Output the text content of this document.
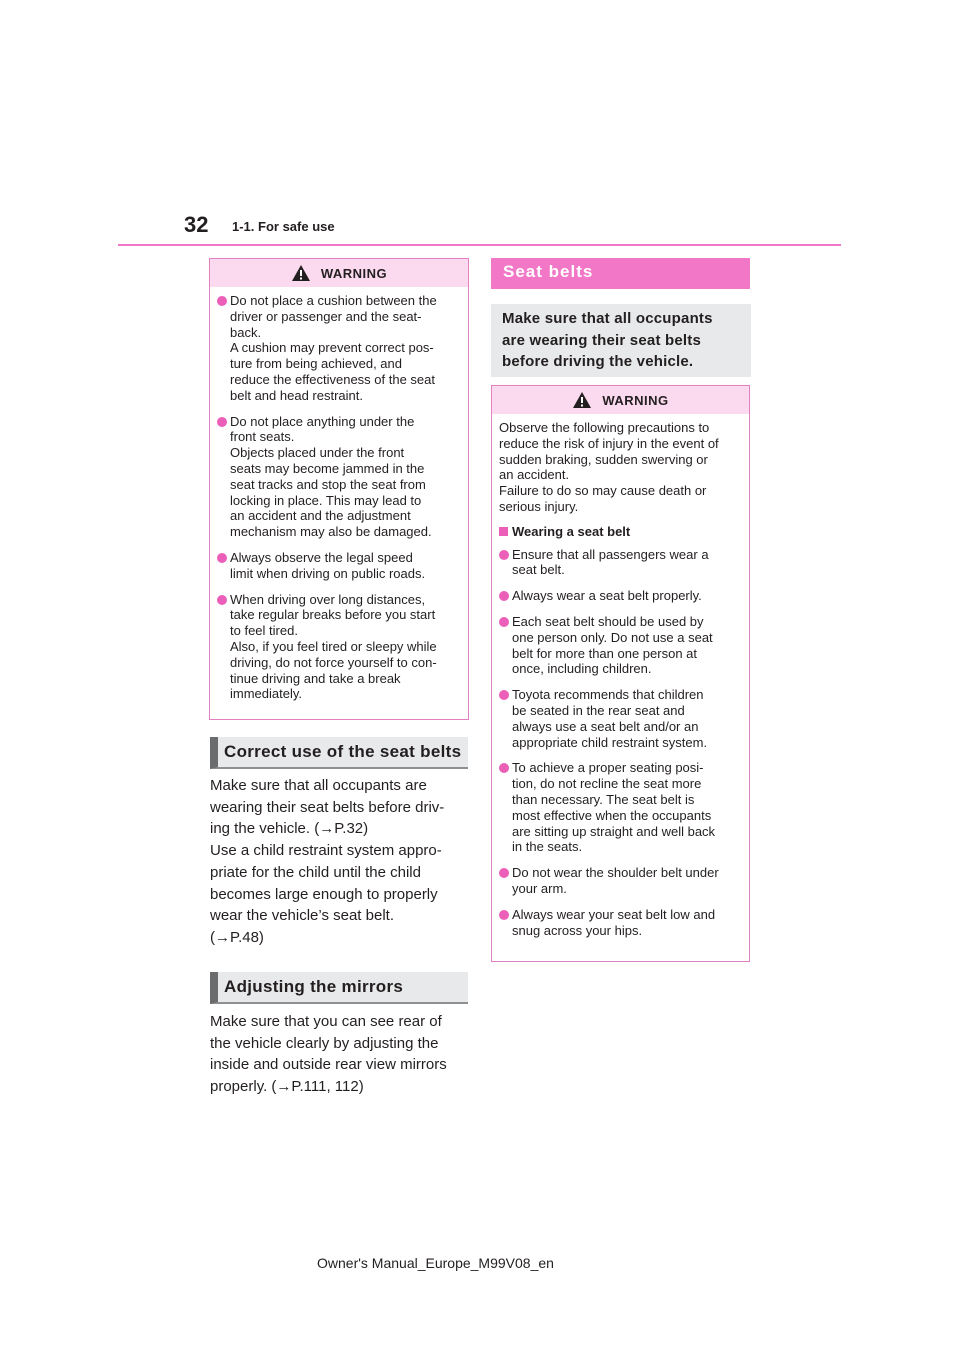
32 1-1. For safe use
WARNING
Do not place a cushion between the
driver or passenger and the seat-
back.
A cushion may prevent correct pos-
ture from being achieved, and
reduce the effectiveness of the seat
belt and head restraint.
Do not place anything under the
front seats.
Objects placed under the front
seats may become jammed in the
seat tracks and stop the seat from
locking in place. This may lead to
an accident and the adjustment
mechanism may also be damaged.
Always observe the legal speed
limit when driving on public roads.
When driving over long distances,
take regular breaks before you start
to feel tired.
Also, if you feel tired or sleepy while
driving, do not force yourself to con-
tinue driving and take a break
immediately.
Correct use of the seat belts
Make sure that all occupants are
wearing their seat belts before driv-
ing the vehicle. (→P.32)
Use a child restraint system appro-
priate for the child until the child
becomes large enough to properly
wear the vehicle’s seat belt.
(→P.48)
Adjusting the mirrors
Make sure that you can see rear of
the vehicle clearly by adjusting the
inside and outside rear view mirrors
properly. (→P.111, 112)
Seat belts
Make sure that all occupants
are wearing their seat belts
before driving the vehicle.
WARNING
Observe the following precautions to
reduce the risk of injury in the event of
sudden braking, sudden swerving or
an accident.
Failure to do so may cause death or
serious injury.
Wearing a seat belt
Ensure that all passengers wear a
seat belt.
Always wear a seat belt properly.
Each seat belt should be used by
one person only. Do not use a seat
belt for more than one person at
once, including children.
Toyota recommends that children
be seated in the rear seat and
always use a seat belt and/or an
appropriate child restraint system.
To achieve a proper seating posi-
tion, do not recline the seat more
than necessary. The seat belt is
most effective when the occupants
are sitting up straight and well back
in the seats.
Do not wear the shoulder belt under
your arm.
Always wear your seat belt low and
snug across your hips.
Owner's Manual_Europe_M99V08_en
